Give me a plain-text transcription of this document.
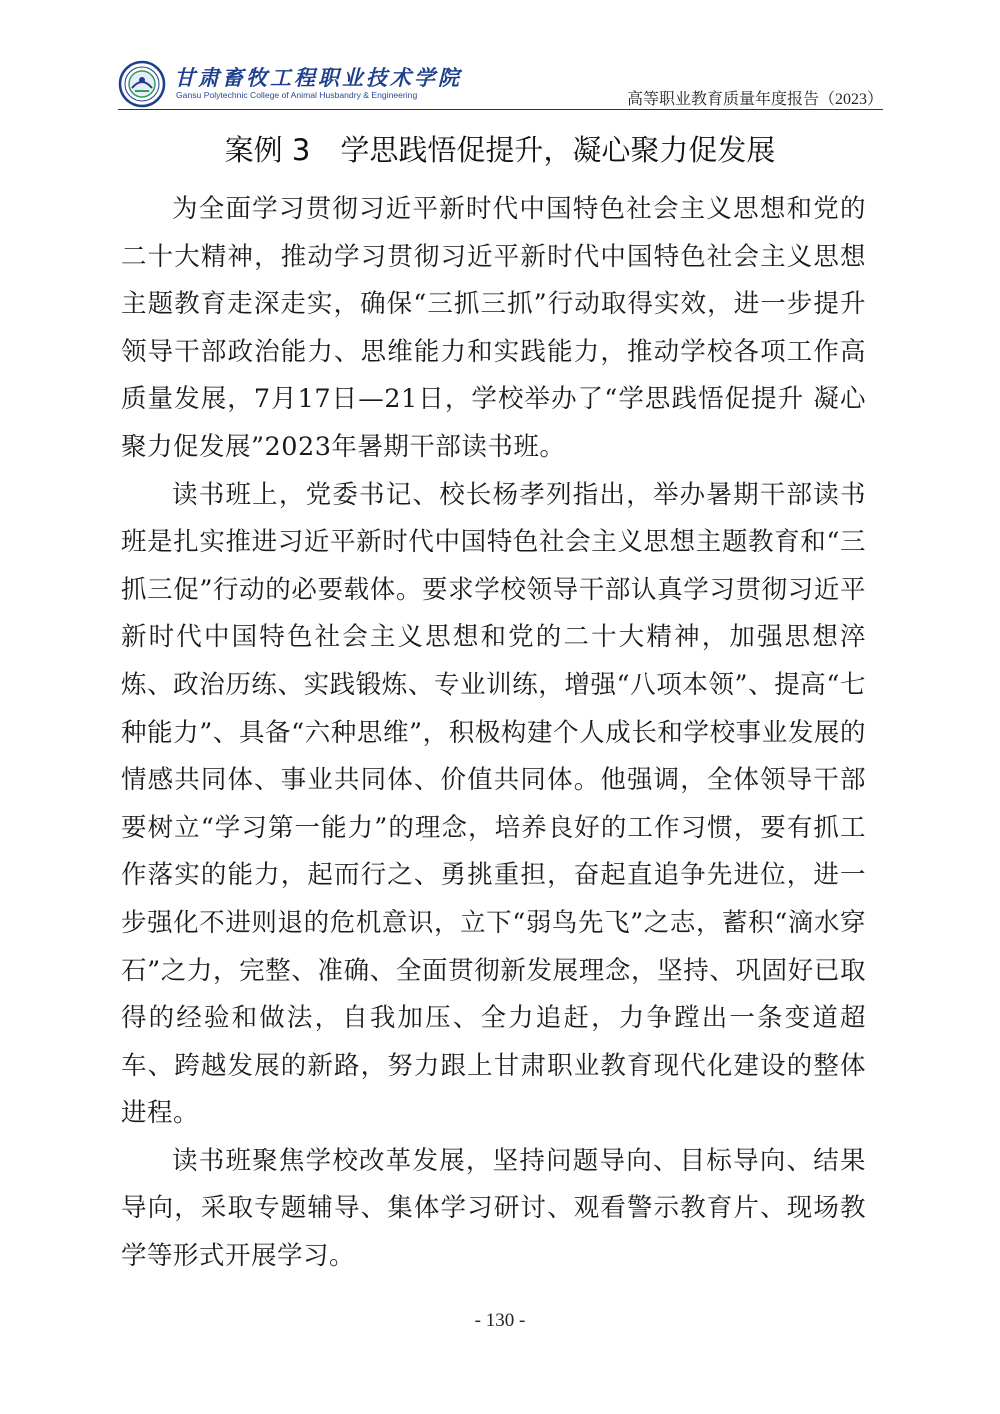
甘肃畜牧工程职业技术学院
Gansu Polytechnic College of Animal Husbandry & Engineering	高等职业教育质量年度报告（2023）
案例 3 学思践悟促提升，凝心聚力促发展

为全面学习贯彻习近平新时代中国特色社会主义思想和党的二十大精神，推动学习贯彻习近平新时代中国特色社会主义思想主题教育走深走实，确保“三抓三抓”行动取得实效，进一步提升领导干部政治能力、思维能力和实践能力，推动学校各项工作高质量发展，7月17日—21日，学校举办了“学思践悟促提升 凝心聚力促发展”2023年暑期干部读书班。

读书班上，党委书记、校长杨孝列指出，举办暑期干部读书班是扎实推进习近平新时代中国特色社会主义思想主题教育和“三抓三促”行动的必要载体。要求学校领导干部认真学习贯彻习近平新时代中国特色社会主义思想和党的二十大精神，加强思想淬炼、政治历练、实践锻炼、专业训练，增强“八项本领”、提高“七种能力”、具备“六种思维”，积极构建个人成长和学校事业发展的情感共同体、事业共同体、价值共同体。他强调，全体领导干部要树立“学习第一能力”的理念，培养良好的工作习惯，要有抓工作落实的能力，起而行之、勇挑重担，奋起直追争先进位，进一步强化不进则退的危机意识，立下“弱鸟先飞”之志，蓄积“滴水穿石”之力，完整、准确、全面贯彻新发展理念，坚持、巩固好已取得的经验和做法，自我加压、全力追赶，力争蹚出一条变道超车、跨越发展的新路，努力跟上甘肃职业教育现代化建设的整体进程。

读书班聚焦学校改革发展，坚持问题导向、目标导向、结果导向，采取专题辅导、集体学习研讨、观看警示教育片、现场教学等形式开展学习。

- 130 -
